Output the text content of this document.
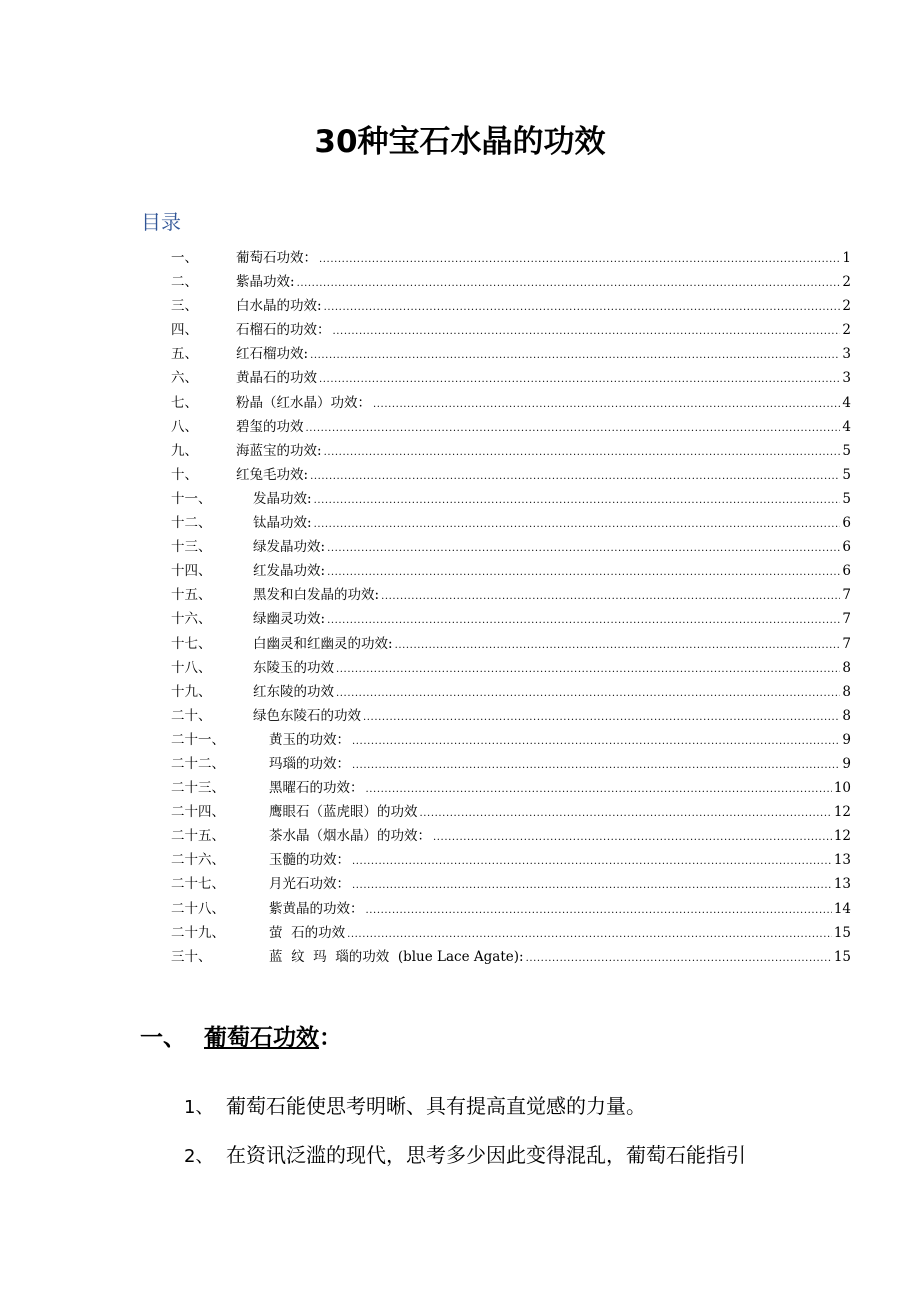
30种宝石水晶的功效
目录
一、	葡萄石功效： .....	1
二、	紫晶功效: .....	2
三、	白水晶的功效: .....	2
四、	石榴石的功效： .....	2
五、	红石榴功效: .....	3
六、	黄晶石的功效 .....	3
七、	粉晶（红水晶）功效： .....	4
八、	碧玺的功效 .....	4
九、	海蓝宝的功效: .....	5
十、	红兔毛功效: .....	5
十一、	发晶功效: .....	5
十二、	钛晶功效: .....	6
十三、	绿发晶功效: .....	6
十四、	红发晶功效: .....	6
十五、	黑发和白发晶的功效: .....	7
十六、	绿幽灵功效: .....	7
十七、	白幽灵和红幽灵的功效: .....	7
十八、	东陵玉的功效 .....	8
十九、	红东陵的功效 .....	8
二十、	绿色东陵石的功效 .....	8
二十一、	黄玉的功效： .....	9
二十二、	玛瑙的功效： .....	9
二十三、	黑曜石的功效： .....	10
二十四、	鹰眼石（蓝虎眼）的功效 .....	12
二十五、	茶水晶（烟水晶）的功效： .....	12
二十六、	玉髓的功效： .....	13
二十七、	月光石功效： .....	13
二十八、	紫黄晶的功效： .....	14
二十九、	萤  石的功效 .....	15
三十、	蓝  纹  玛  瑙的功效  (blue Lace Agate): .....	15
一、 葡萄石功效：

1、 葡萄石能使思考明晰、具有提高直觉感的力量。

2、 在资讯泛滥的现代，思考多少因此变得混乱，葡萄石能指引
